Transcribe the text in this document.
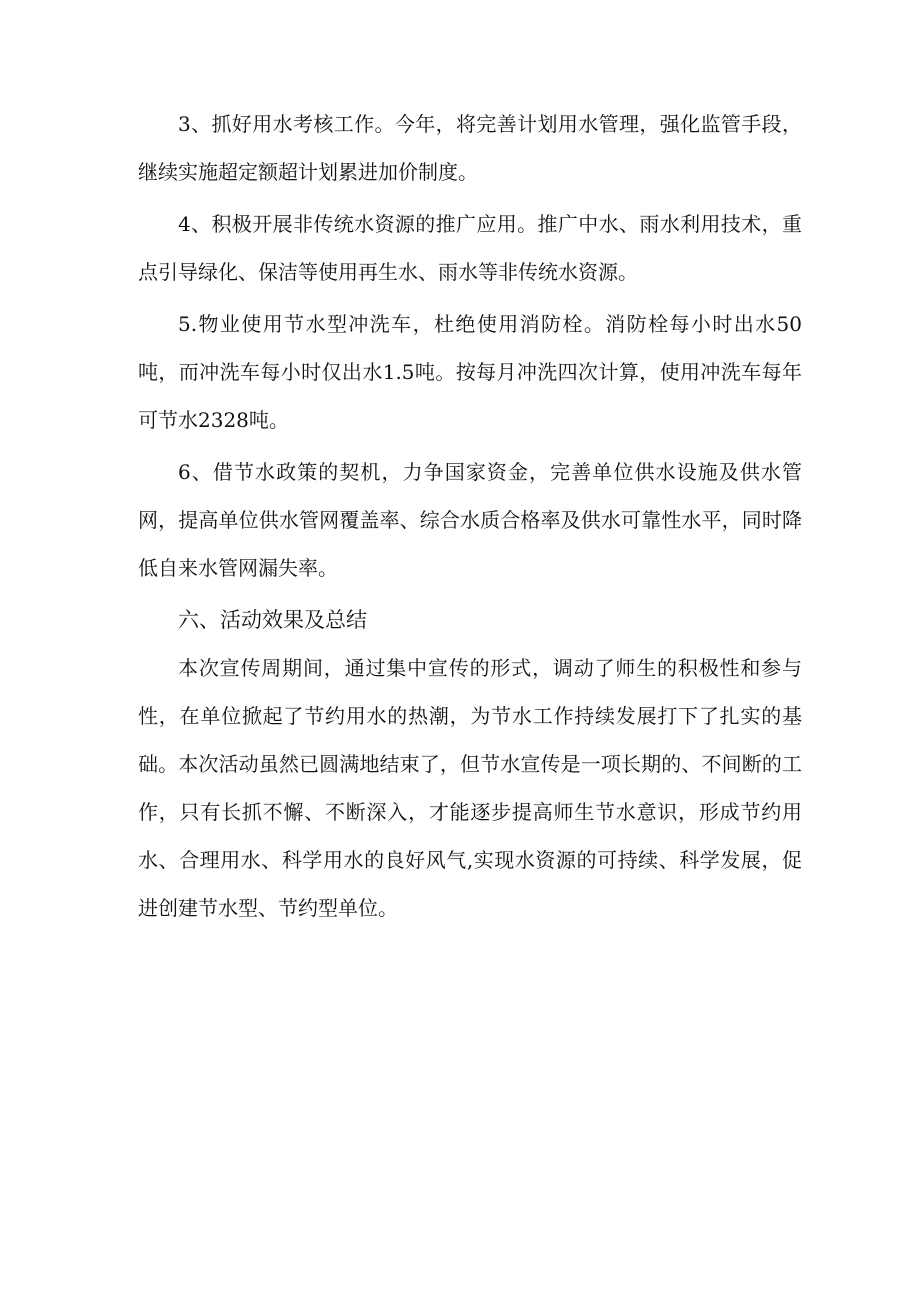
3、抓好用水考核工作。今年，将完善计划用水管理，强化监管手段，继续实施超定额超计划累进加价制度。

4、积极开展非传统水资源的推广应用。推广中水、雨水利用技术，重点引导绿化、保洁等使用再生水、雨水等非传统水资源。

5.物业使用节水型冲洗车，杜绝使用消防栓。消防栓每小时出水50吨，而冲洗车每小时仅出水1.5吨。按每月冲洗四次计算，使用冲洗车每年可节水2328吨。

6、借节水政策的契机，力争国家资金，完善单位供水设施及供水管网，提高单位供水管网覆盖率、综合水质合格率及供水可靠性水平，同时降低自来水管网漏失率。

六、活动效果及总结

本次宣传周期间，通过集中宣传的形式，调动了师生的积极性和参与性，在单位掀起了节约用水的热潮，为节水工作持续发展打下了扎实的基础。本次活动虽然已圆满地结束了，但节水宣传是一项长期的、不间断的工作，只有长抓不懈、不断深入，才能逐步提高师生节水意识，形成节约用水、合理用水、科学用水的良好风气,实现水资源的可持续、科学发展，促进创建节水型、节约型单位。
